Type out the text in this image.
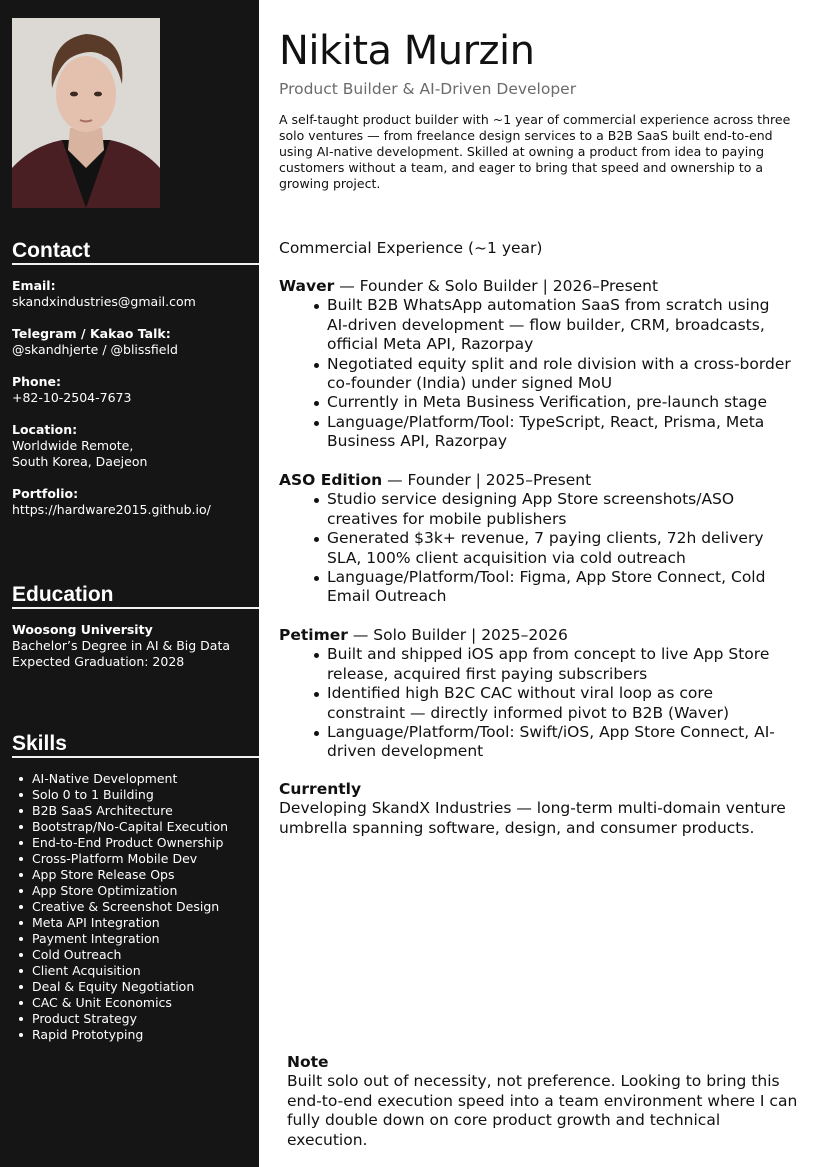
Contact
Email:
skandxindustries@gmail.com
Telegram / Kakao Talk:
@skandhjerte / @blissfield
Phone:
+82-10-2504-7673
Location:
Worldwide Remote,
South Korea, Daejeon
Portfolio:
https://hardware2015.github.io/
Education
Woosong University
Bachelor’s Degree in AI & Big Data
Expected Graduation: 2028
Skills
AI-Native Development
Solo 0 to 1 Building
B2B SaaS Architecture
Bootstrap/No-Capital Execution
End-to-End Product Ownership
Cross-Platform Mobile Dev
App Store Release Ops
App Store Optimization
Creative & Screenshot Design
Meta API Integration
Payment Integration
Cold Outreach
Client Acquisition
Deal & Equity Negotiation
CAC & Unit Economics
Product Strategy
Rapid Prototyping
Nikita Murzin
Product Builder & AI-Driven Developer
A self-taught product builder with ~1 year of commercial experience across three solo ventures — from freelance design services to a B2B SaaS built end-to-end using AI-native development. Skilled at owning a product from idea to paying customers without a team, and eager to bring that speed and ownership to a growing project.
Commercial Experience (~1 year)
Waver — Founder & Solo Builder | 2026–Present
Built B2B WhatsApp automation SaaS from scratch using AI-driven development — flow builder, CRM, broadcasts, official Meta API, Razorpay
Negotiated equity split and role division with a cross-border co-founder (India) under signed MoU
Currently in Meta Business Verification, pre-launch stage
Language/Platform/Tool: TypeScript, React, Prisma, Meta Business API, Razorpay
ASO Edition — Founder | 2025–Present
Studio service designing App Store screenshots/ASO creatives for mobile publishers
Generated $3k+ revenue, 7 paying clients, 72h delivery SLA, 100% client acquisition via cold outreach
Language/Platform/Tool: Figma, App Store Connect, Cold Email Outreach
Petimer — Solo Builder | 2025–2026
Built and shipped iOS app from concept to live App Store release, acquired first paying subscribers
Identified high B2C CAC without viral loop as core constraint — directly informed pivot to B2B (Waver)
Language/Platform/Tool: Swift/iOS, App Store Connect, AI-driven development
Currently
Developing SkandX Industries — long-term multi-domain venture umbrella spanning software, design, and consumer products.
Note
Built solo out of necessity, not preference. Looking to bring this end-to-end execution speed into a team environment where I can fully double down on core product growth and technical execution.
